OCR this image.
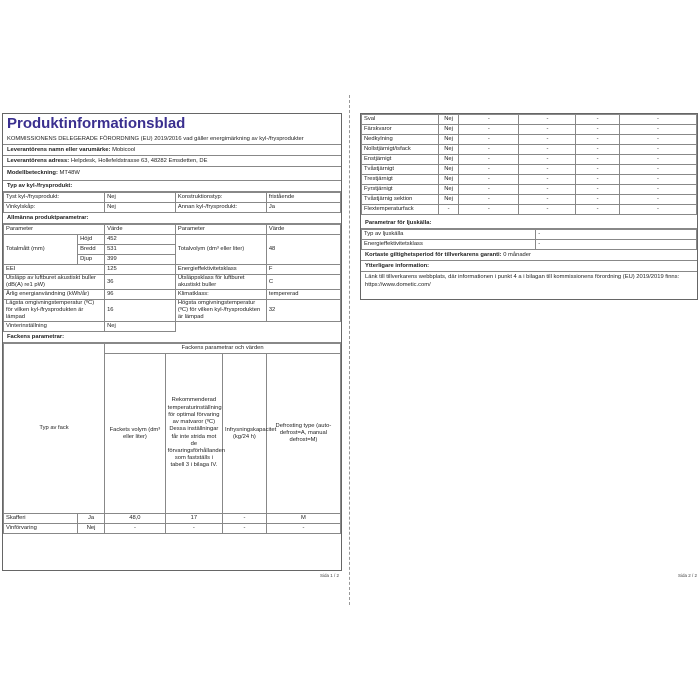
Produktinformationsblad
KOMMISSIONENS DELEGERADE FÖRORDNING (EU) 2019/2016 vad gäller energimärkning av kyl-/frysprodukter
Leverantörens namn eller varumärke: Mobicool
Leverantörens adress: Helpdesk, Hollefeldstrasse 63, 48282 Emsdetten, DE
Modellbeteckning: MT48W
Typ av kyl-/frysprodukt:
Tyst kyl-/frysprodukt:	Nej	Konstruktionstyp:	fristående
Vinkylskåp:	Nej	Annan kyl-/frysprodukt:	Ja
Allmänna produktparametrar:
Parameter		Värde	Parameter	Värde
Totalmått (mm)	Höjd	452	Totalvolym (dm³ eller liter)	48
	Bredd	531		
	Djup	399		
EEI		125	Energieffektivitetsklass	F
Utsläpp av luftburet akustiskt buller (dB(A) re1 pW)		36	Utsläppsklass för luftburet akustiskt buller	C
Årlig energianvändning (kWh/år)		96	Klimatklass:	tempererad
Lägsta omgivningstemperatur (ºC) för vilken kyl-/frysprodukten är lämpad		16	Högsta omgivningstemperatur (ºC) för vilken kyl-/frysprodukten är lämpad	32
Vinterinställning		Nej		
Fackens parametrar:
Typ av fack		Fackens parametrar och värden			
		Fackets volym (dm³ eller liter)	Rekommenderad temperaturinställning för optimal förvaring av matvaror (ºC) Dessa inställningar får inte strida mot de förvaringsförhållanden som fastställs i tabell 3 i bilaga IV.	Infrysningskapacitet (kg/24 h)	Defrosting type (auto-defrost=A, manual defrost=M)
Skafferi	Ja	48,0	17	-	M
Vinförvaring	Nej	-	-	-	-
Sida 1 / 2
Sval	Nej	-	-	-	-
Färskvaror	Nej	-	-	-	-
Nedkylning	Nej	-	-	-	-
Nollstjärnigt/isfack	Nej	-	-	-	-
Enstjärnigt	Nej	-	-	-	-
Tvåstjärnigt	Nej	-	-	-	-
Trestjärnigt	Nej	-	-	-	-
Fyrstjärnigt	Nej	-	-	-	-
Tvåstjärnig sektion	Nej	-	-	-	-
Flextemperaturfack	-	-	-	-	-
Parametrar för ljuskälla:
Typ av ljuskälla	-
Energieffektivitetsklass	-
Kortaste giltighetsperiod för tillverkarens garanti: 0 månader
Ytterligare information:
Länk till tillverkarens webbplats, där informationen i punkt 4 a i bilagan till kommissionens förordning (EU) 2019/2019 finns: https://www.dometic.com/
Sida 2 / 2
